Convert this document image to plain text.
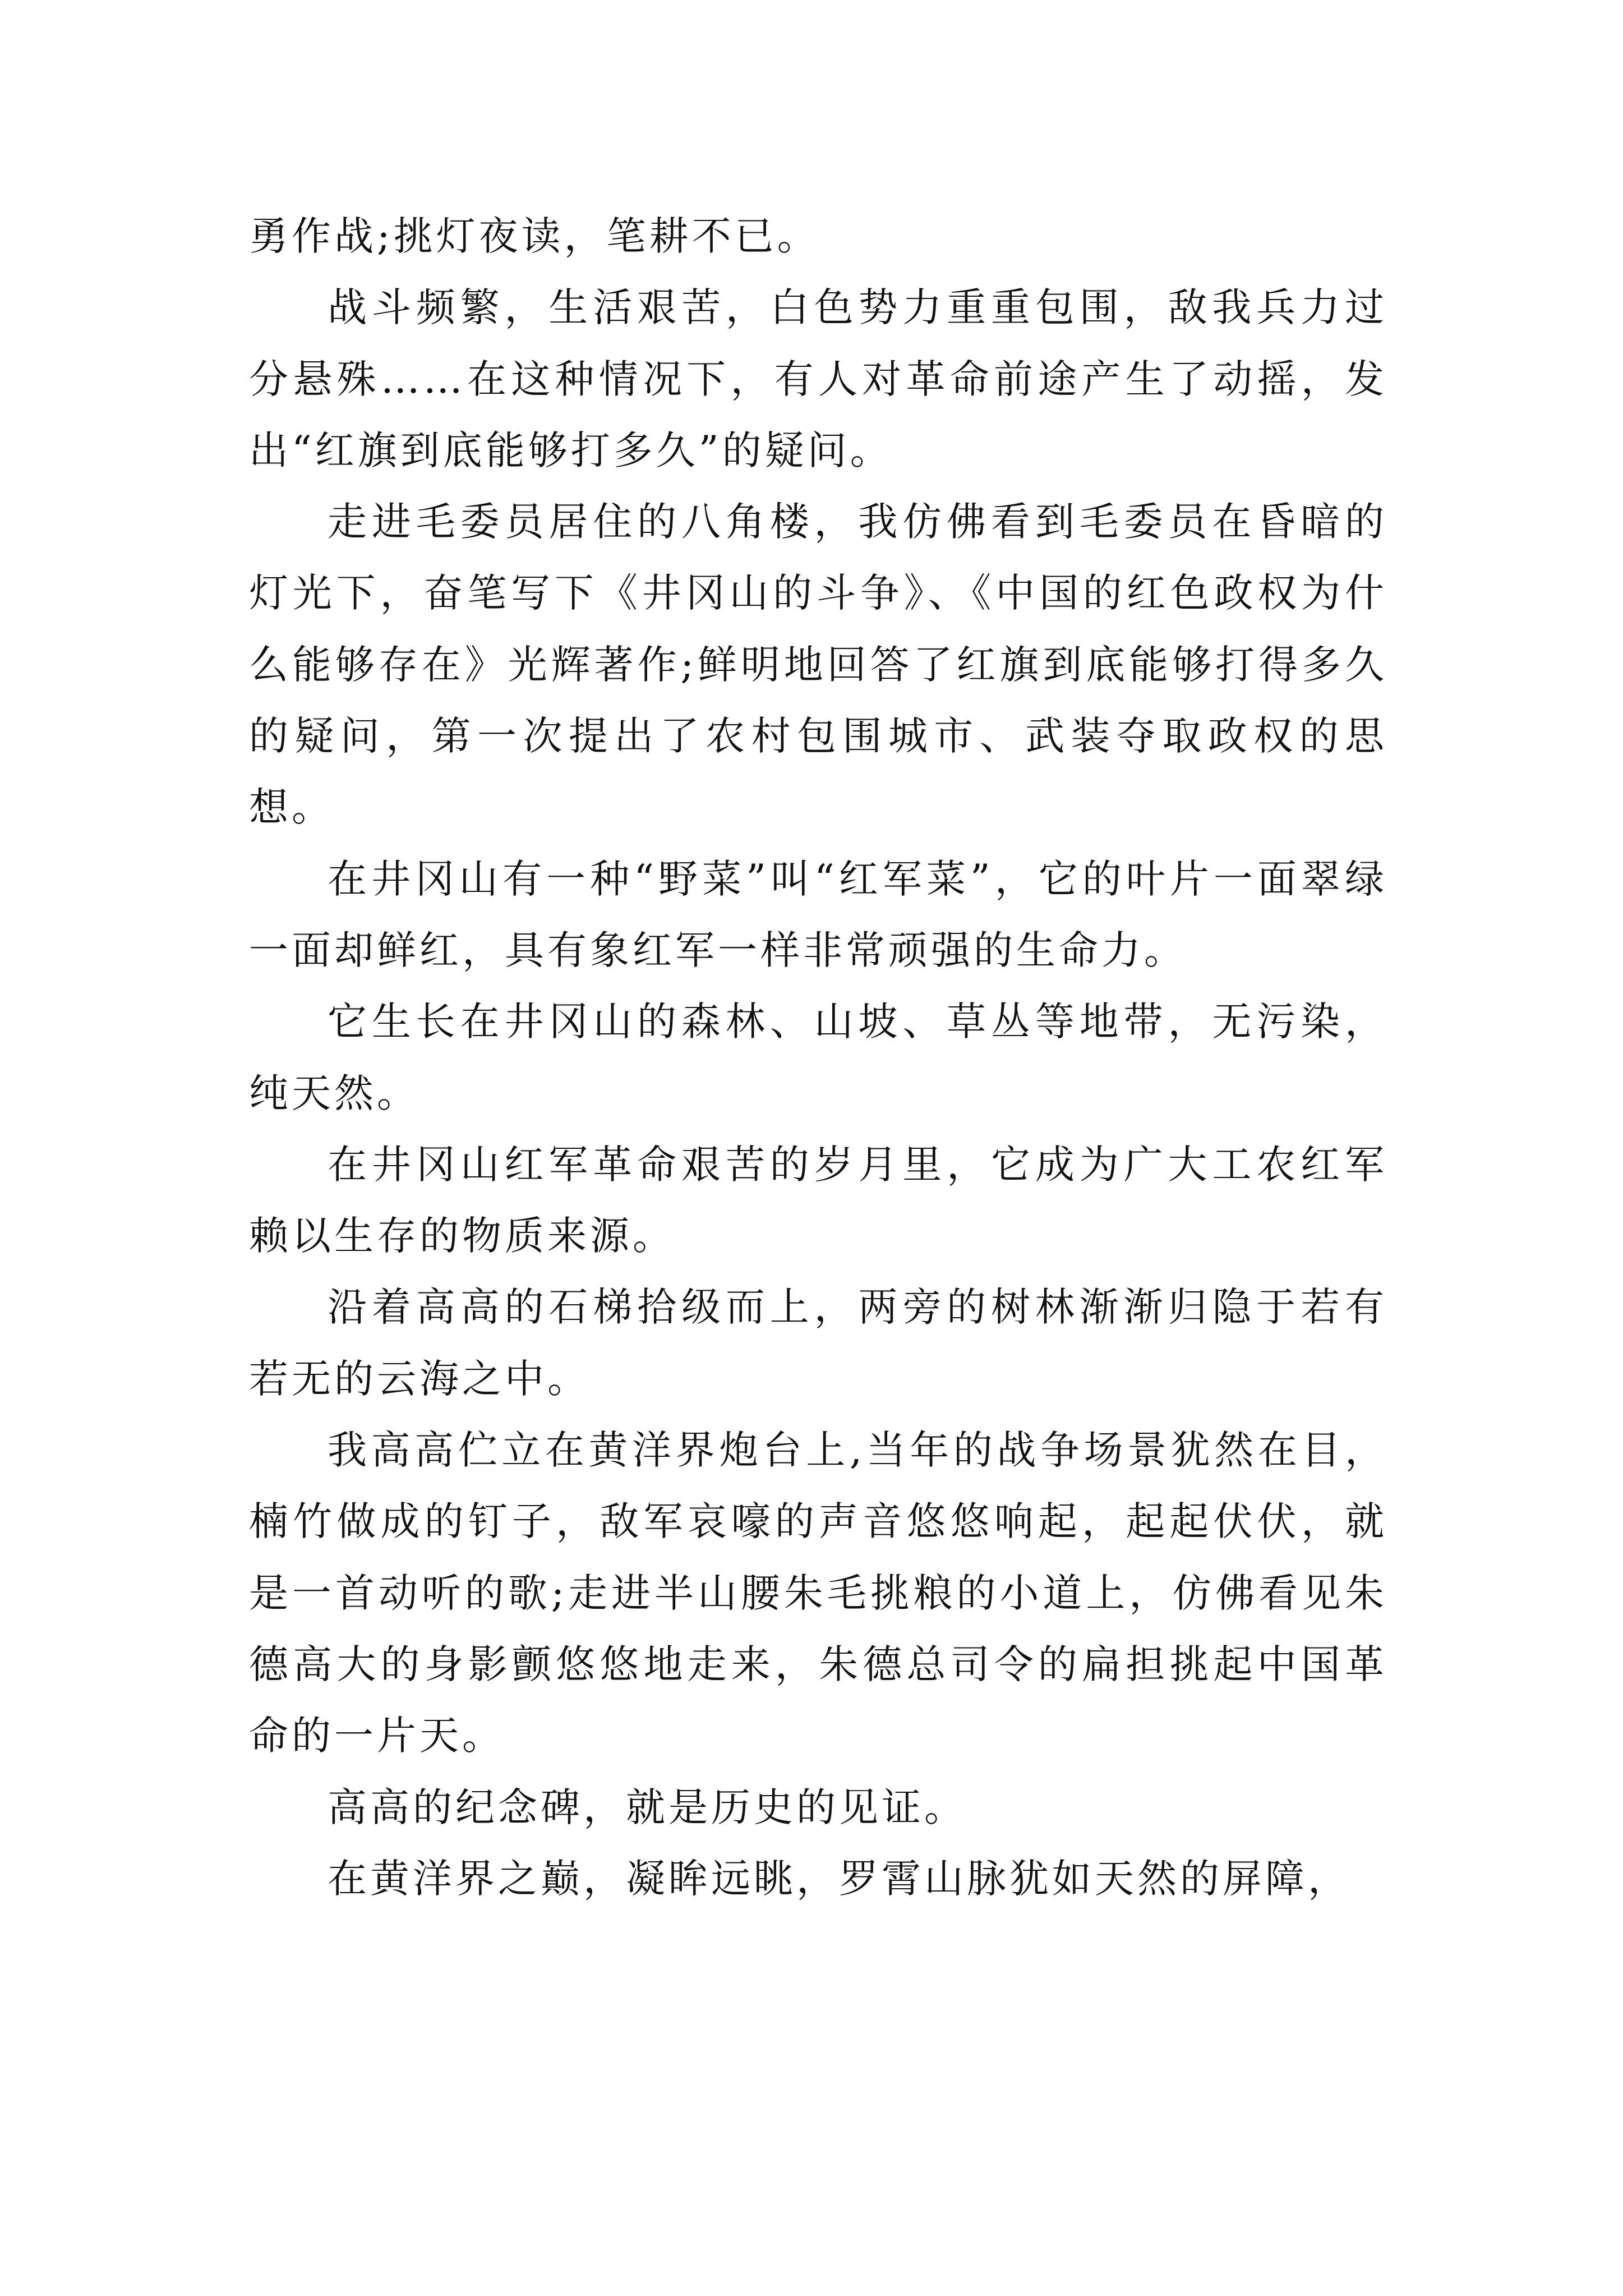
勇作战;挑灯夜读，笔耕不已。

战斗频繁，生活艰苦，白色势力重重包围，敌我兵力过分悬殊……在这种情况下，有人对革命前途产生了动摇，发出“红旗到底能够打多久”的疑问。

走进毛委员居住的八角楼，我仿佛看到毛委员在昏暗的灯光下，奋笔写下《井冈山的斗争》、《中国的红色政权为什么能够存在》光辉著作;鲜明地回答了红旗到底能够打得多久的疑问，第一次提出了农村包围城市、武装夺取政权的思想。

在井冈山有一种“野菜”叫“红军菜”，它的叶片一面翠绿一面却鲜红，具有象红军一样非常顽强的生命力。

它生长在井冈山的森林、山坡、草丛等地带，无污染，纯天然。

在井冈山红军革命艰苦的岁月里，它成为广大工农红军赖以生存的物质来源。

沿着高高的石梯拾级而上，两旁的树林渐渐归隐于若有若无的云海之中。

我高高伫立在黄洋界炮台上,当年的战争场景犹然在目，楠竹做成的钉子，敌军哀嚎的声音悠悠响起，起起伏伏，就是一首动听的歌;走进半山腰朱毛挑粮的小道上，仿佛看见朱德高大的身影颤悠悠地走来，朱德总司令的扁担挑起中国革命的一片天。

高高的纪念碑，就是历史的见证。

在黄洋界之巅，凝眸远眺，罗霄山脉犹如天然的屏障，
